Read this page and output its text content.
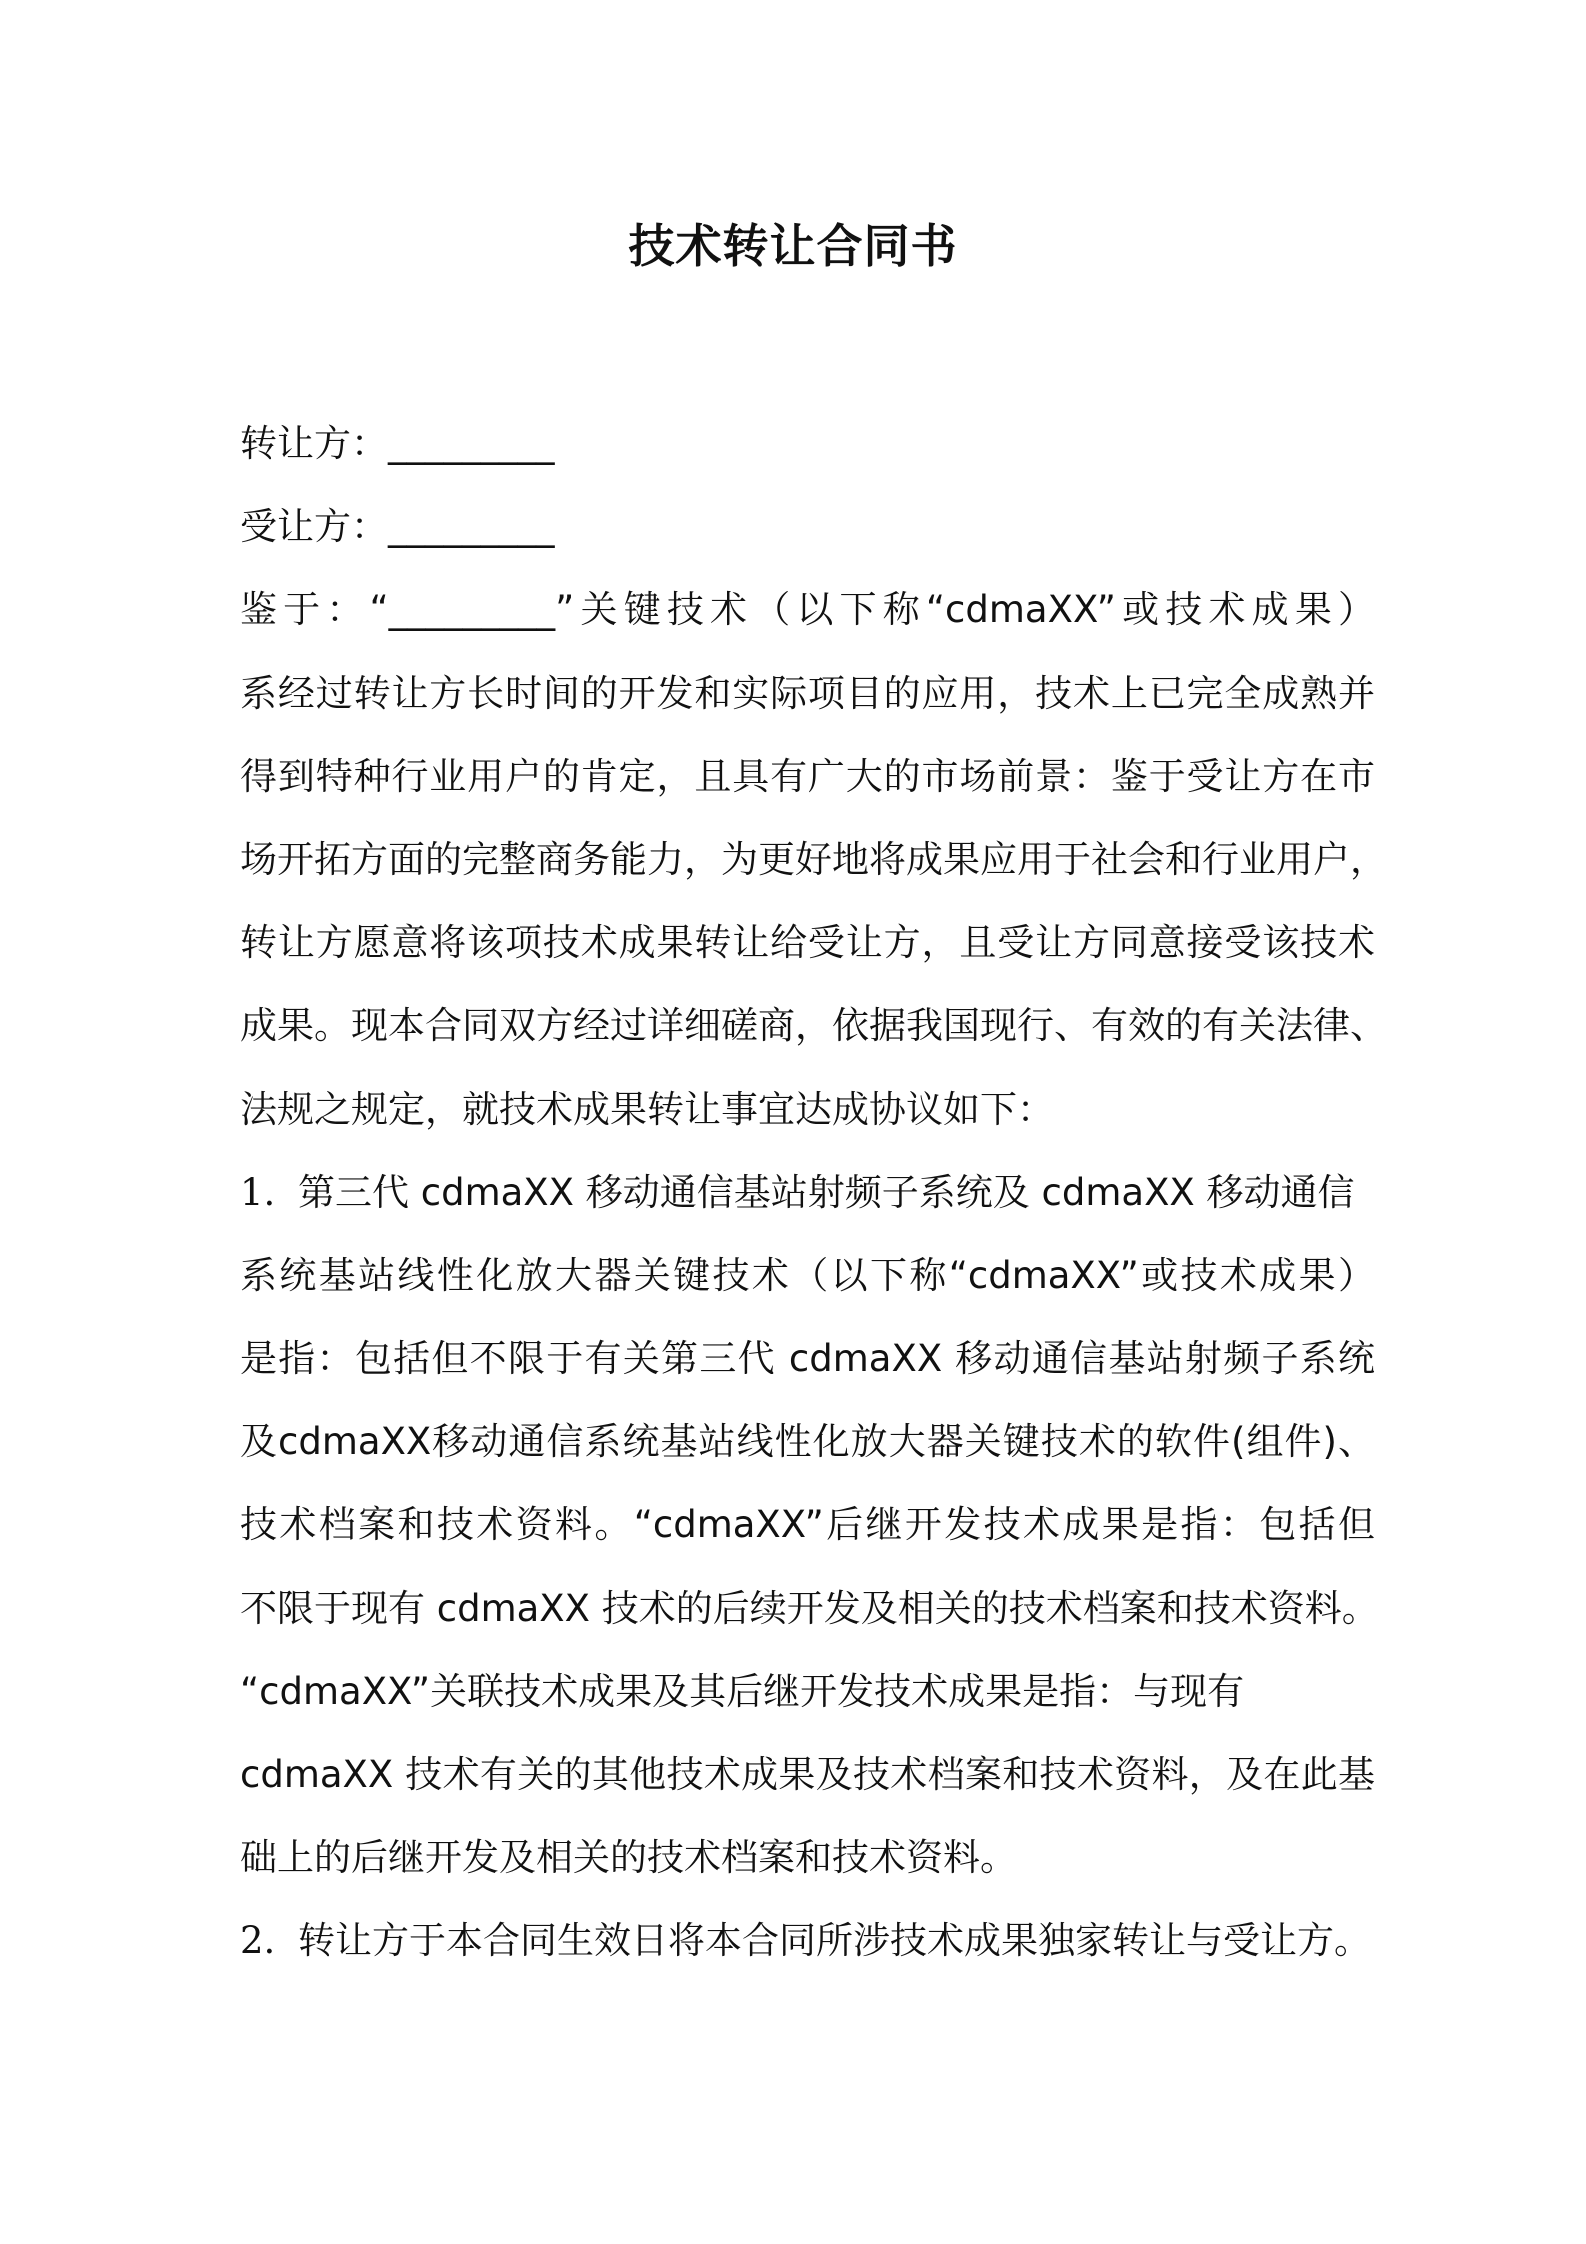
技术转让合同书
转让方：_________
受让方：_________
鉴于：“_________”关键技术（以下称“cdmaXX”或技术成果）
系经过转让方长时间的开发和实际项目的应用，技术上已完全成熟并
得到特种行业用户的肯定，且具有广大的市场前景：鉴于受让方在市
场开拓方面的完整商务能力，为更好地将成果应用于社会和行业用户，
转让方愿意将该项技术成果转让给受让方，且受让方同意接受该技术
成果。现本合同双方经过详细磋商，依据我国现行、有效的有关法律、
法规之规定，就技术成果转让事宜达成协议如下：
1. 第三代 cdmaXX 移动通信基站射频子系统及 cdmaXX 移动通信
系统基站线性化放大器关键技术（以下称“cdmaXX”或技术成果）
是指：包括但不限于有关第三代 cdmaXX 移动通信基站射频子系统
及cdmaXX移动通信系统基站线性化放大器关键技术的软件(组件)、
技术档案和技术资料。“cdmaXX”后继开发技术成果是指：包括但
不限于现有 cdmaXX 技术的后续开发及相关的技术档案和技术资料。
“cdmaXX”关联技术成果及其后继开发技术成果是指：与现有
cdmaXX 技术有关的其他技术成果及技术档案和技术资料，及在此基
础上的后继开发及相关的技术档案和技术资料。
2. 转让方于本合同生效日将本合同所涉技术成果独家转让与受让方。
